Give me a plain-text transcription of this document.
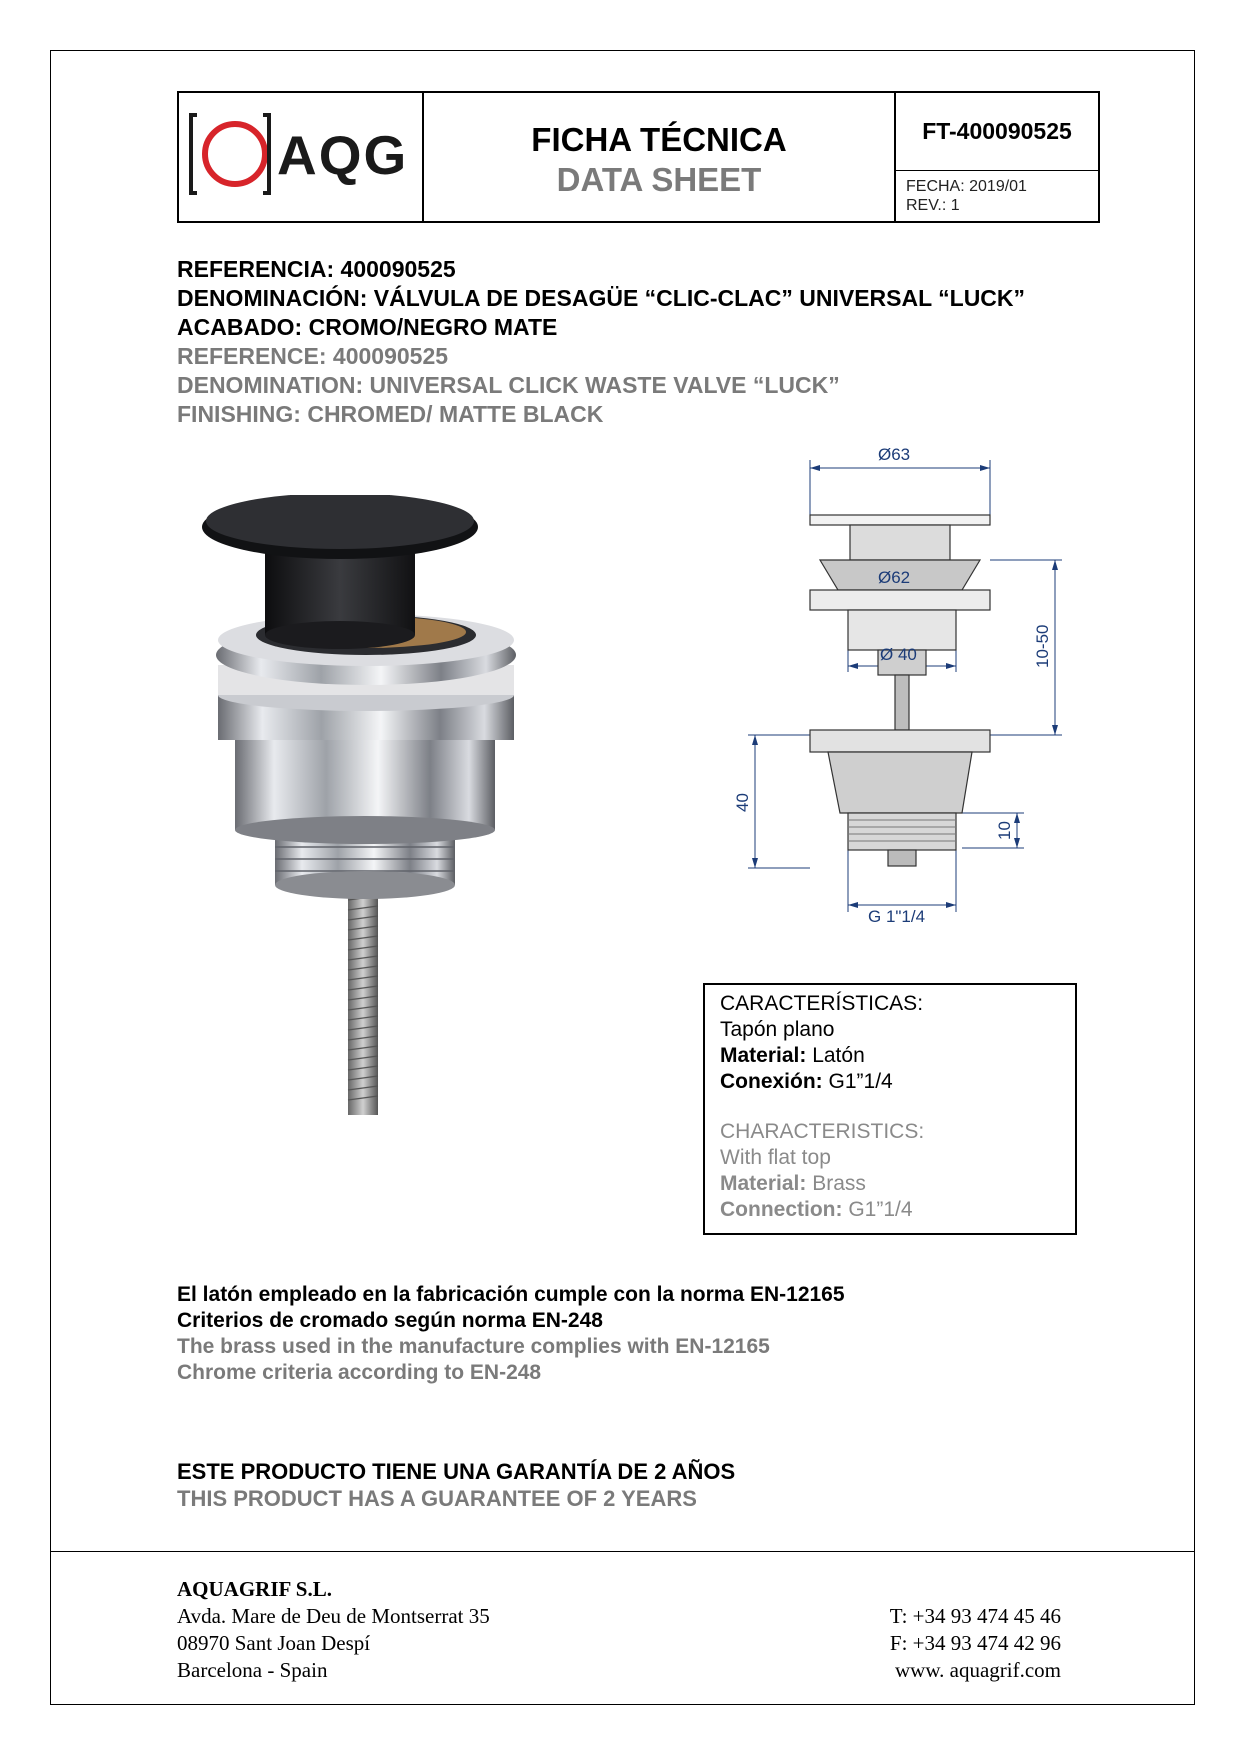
AQG	FICHA TÉCNICA
DATA SHEET
FT-400090525
FECHA: 2019/01
REV.: 1
REFERENCIA: 400090525
DENOMINACIÓN: VÁLVULA DE DESAGÜE “CLIC-CLAC” UNIVERSAL “LUCK”
ACABADO: CROMO/NEGRO MATE
REFERENCE: 400090525
DENOMINATION: UNIVERSAL CLICK WASTE VALVE “LUCK”
FINISHING: CHROMED/ MATTE BLACK
Ø63
Ø62
Ø 40	10-50
40
10
G 1"1/4
CARACTERÍSTICAS:
Tapón plano
Material: Latón
Conexión: G1”1/4
CHARACTERISTICS:
With flat top
Material: Brass
Connection: G1”1/4
El latón empleado en la fabricación cumple con la norma EN-12165
Criterios de cromado según norma EN-248
The brass used in the manufacture complies with EN-12165
Chrome criteria according to EN-248
ESTE PRODUCTO TIENE UNA GARANTÍA DE 2 AÑOS
THIS PRODUCT HAS A GUARANTEE OF 2 YEARS
AQUAGRIF S.L.
Avda. Mare de Deu de Montserrat 35
08970 Sant Joan Despí
Barcelona - Spain
T: +34 93 474 45 46
F: +34 93 474 42 96
www. aquagrif.com
